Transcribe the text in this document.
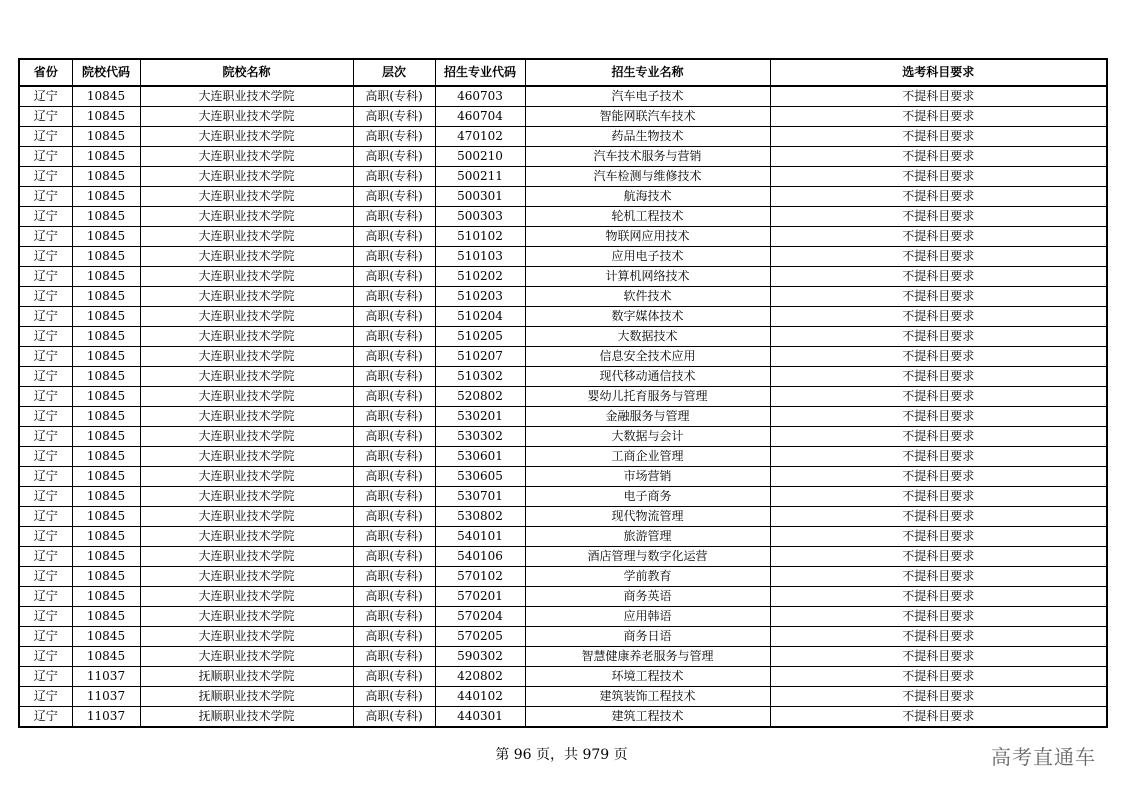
省份	院校代码	院校名称	层次	招生专业代码	招生专业名称	选考科目要求
辽宁	10845	大连职业技术学院	高职(专科)	460703	汽车电子技术	不提科目要求
辽宁	10845	大连职业技术学院	高职(专科)	460704	智能网联汽车技术	不提科目要求
辽宁	10845	大连职业技术学院	高职(专科)	470102	药品生物技术	不提科目要求
辽宁	10845	大连职业技术学院	高职(专科)	500210	汽车技术服务与营销	不提科目要求
辽宁	10845	大连职业技术学院	高职(专科)	500211	汽车检测与维修技术	不提科目要求
辽宁	10845	大连职业技术学院	高职(专科)	500301	航海技术	不提科目要求
辽宁	10845	大连职业技术学院	高职(专科)	500303	轮机工程技术	不提科目要求
辽宁	10845	大连职业技术学院	高职(专科)	510102	物联网应用技术	不提科目要求
辽宁	10845	大连职业技术学院	高职(专科)	510103	应用电子技术	不提科目要求
辽宁	10845	大连职业技术学院	高职(专科)	510202	计算机网络技术	不提科目要求
辽宁	10845	大连职业技术学院	高职(专科)	510203	软件技术	不提科目要求
辽宁	10845	大连职业技术学院	高职(专科)	510204	数字媒体技术	不提科目要求
辽宁	10845	大连职业技术学院	高职(专科)	510205	大数据技术	不提科目要求
辽宁	10845	大连职业技术学院	高职(专科)	510207	信息安全技术应用	不提科目要求
辽宁	10845	大连职业技术学院	高职(专科)	510302	现代移动通信技术	不提科目要求
辽宁	10845	大连职业技术学院	高职(专科)	520802	婴幼儿托育服务与管理	不提科目要求
辽宁	10845	大连职业技术学院	高职(专科)	530201	金融服务与管理	不提科目要求
辽宁	10845	大连职业技术学院	高职(专科)	530302	大数据与会计	不提科目要求
辽宁	10845	大连职业技术学院	高职(专科)	530601	工商企业管理	不提科目要求
辽宁	10845	大连职业技术学院	高职(专科)	530605	市场营销	不提科目要求
辽宁	10845	大连职业技术学院	高职(专科)	530701	电子商务	不提科目要求
辽宁	10845	大连职业技术学院	高职(专科)	530802	现代物流管理	不提科目要求
辽宁	10845	大连职业技术学院	高职(专科)	540101	旅游管理	不提科目要求
辽宁	10845	大连职业技术学院	高职(专科)	540106	酒店管理与数字化运营	不提科目要求
辽宁	10845	大连职业技术学院	高职(专科)	570102	学前教育	不提科目要求
辽宁	10845	大连职业技术学院	高职(专科)	570201	商务英语	不提科目要求
辽宁	10845	大连职业技术学院	高职(专科)	570204	应用韩语	不提科目要求
辽宁	10845	大连职业技术学院	高职(专科)	570205	商务日语	不提科目要求
辽宁	10845	大连职业技术学院	高职(专科)	590302	智慧健康养老服务与管理	不提科目要求
辽宁	11037	抚顺职业技术学院	高职(专科)	420802	环境工程技术	不提科目要求
辽宁	11037	抚顺职业技术学院	高职(专科)	440102	建筑装饰工程技术	不提科目要求
辽宁	11037	抚顺职业技术学院	高职(专科)	440301	建筑工程技术	不提科目要求
第 96 页，共 979 页	高考直通车
